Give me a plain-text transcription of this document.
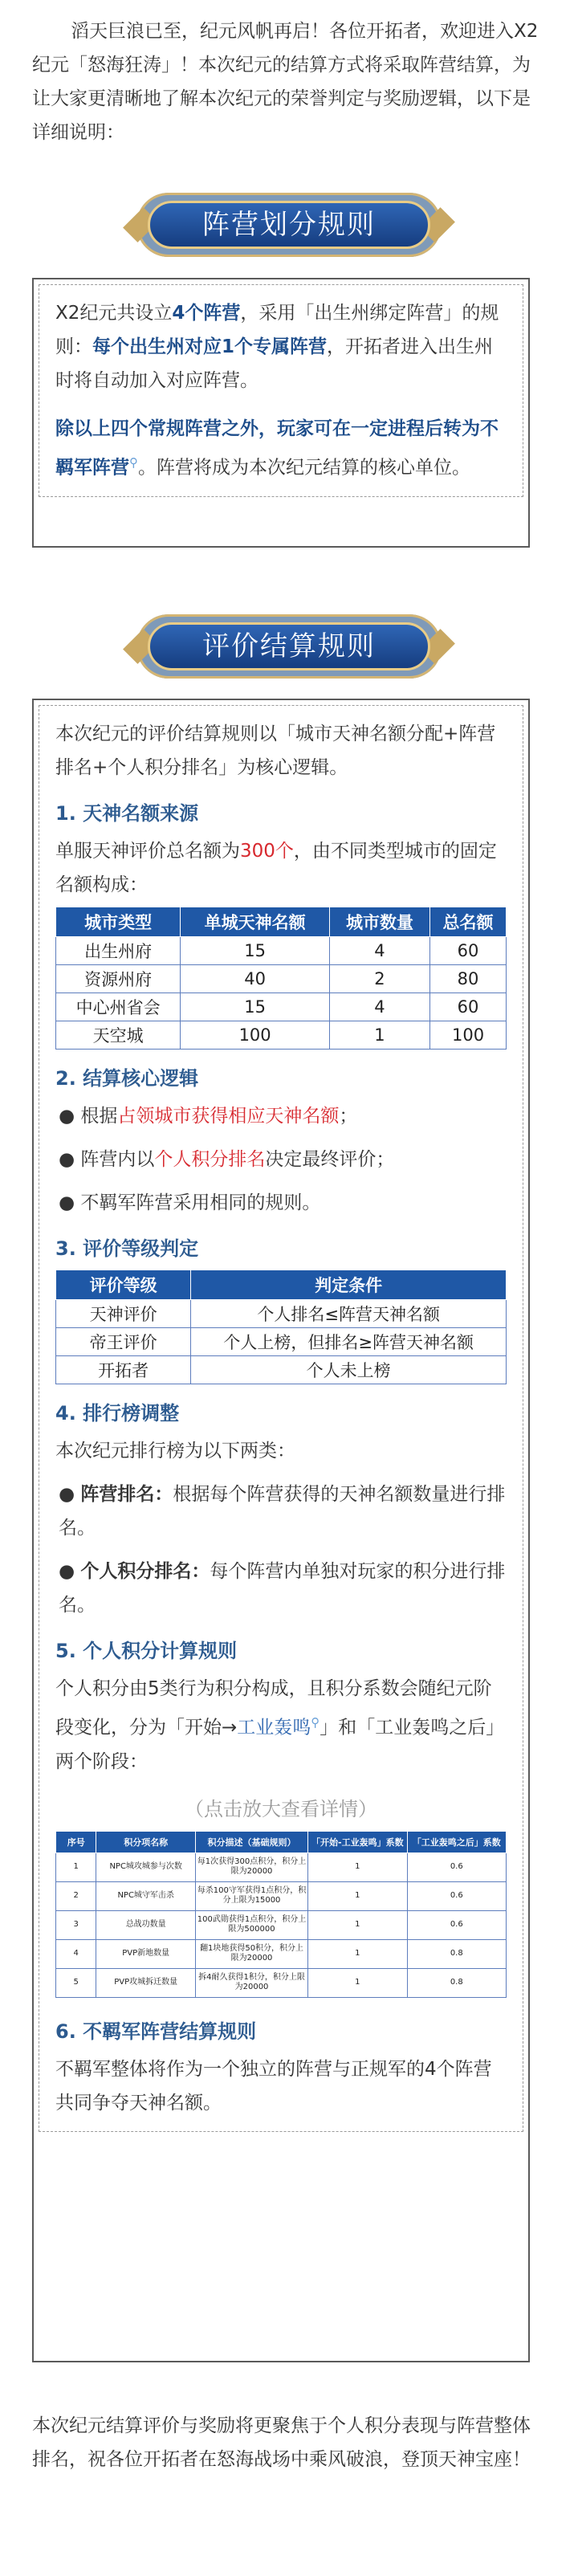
滔天巨浪已至，纪元风帆再启！各位开拓者，欢迎进入X2纪元「怒海狂涛」！本次纪元的结算方式将采取阵营结算，为让大家更清晰地了解本次纪元的荣誉判定与奖励逻辑，以下是详细说明：

阵营划分规则

X2纪元共设立4个阵营，采用「出生州绑定阵营」的规则：每个出生州对应1个专属阵营，开拓者进入出生州时将自动加入对应阵营。

除以上四个常规阵营之外，玩家可在一定进程后转为不羁军阵营⚲。阵营将成为本次纪元结算的核心单位。

评价结算规则

本次纪元的评价结算规则以「城市天神名额分配+阵营排名+个人积分排名」为核心逻辑。

1. 天神名额来源

单服天神评价总名额为300个，由不同类型城市的固定名额构成：

城市类型	单城天神名额	城市数量	总名额
出生州府	15	4	60
资源州府	40	2	80
中心州省会	15	4	60
天空城	100	1	100
2. 结算核心逻辑

● 根据占领城市获得相应天神名额；

● 阵营内以个人积分排名决定最终评价；

● 不羁军阵营采用相同的规则。

3. 评价等级判定
评价等级	判定条件
天神评价	个人排名≤阵营天神名额
帝王评价	个人上榜，但排名≥阵营天神名额
开拓者	个人未上榜
4. 排行榜调整

本次纪元排行榜为以下两类：

● 阵营排名：根据每个阵营获得的天神名额数量进行排名。

● 个人积分排名：每个阵营内单独对玩家的积分进行排名。

5. 个人积分计算规则

个人积分由5类行为积分构成，且积分系数会随纪元阶段变化，分为「开始→工业轰鸣⚲」和「工业轰鸣之后」两个阶段：

（点击放大查看详情）
序号	积分项名称	积分描述（基础规则）	「开始-工业轰鸣」系数	「工业轰鸣之后」系数
1	NPC城攻城参与次数	每1次获得300点积分，积分上限为20000	1	0.6
2	NPC城守军击杀	每杀100守军获得1点积分，积分上限为15000	1	0.6
3	总战功数量	100武勋获得1点积分，积分上限为500000	1	0.6
4	PVP新地数量	翻1块地获得50积分，积分上限为20000	1	0.8
5	PVP攻城拆迁数量	拆4耐久获得1积分，积分上限为20000	1	0.8
6. 不羁军阵营结算规则

不羁军整体将作为一个独立的阵营与正规军的4个阵营共同争夺天神名额。

本次纪元结算评价与奖励将更聚焦于个人积分表现与阵营整体排名，祝各位开拓者在怒海战场中乘风破浪，登顶天神宝座！
